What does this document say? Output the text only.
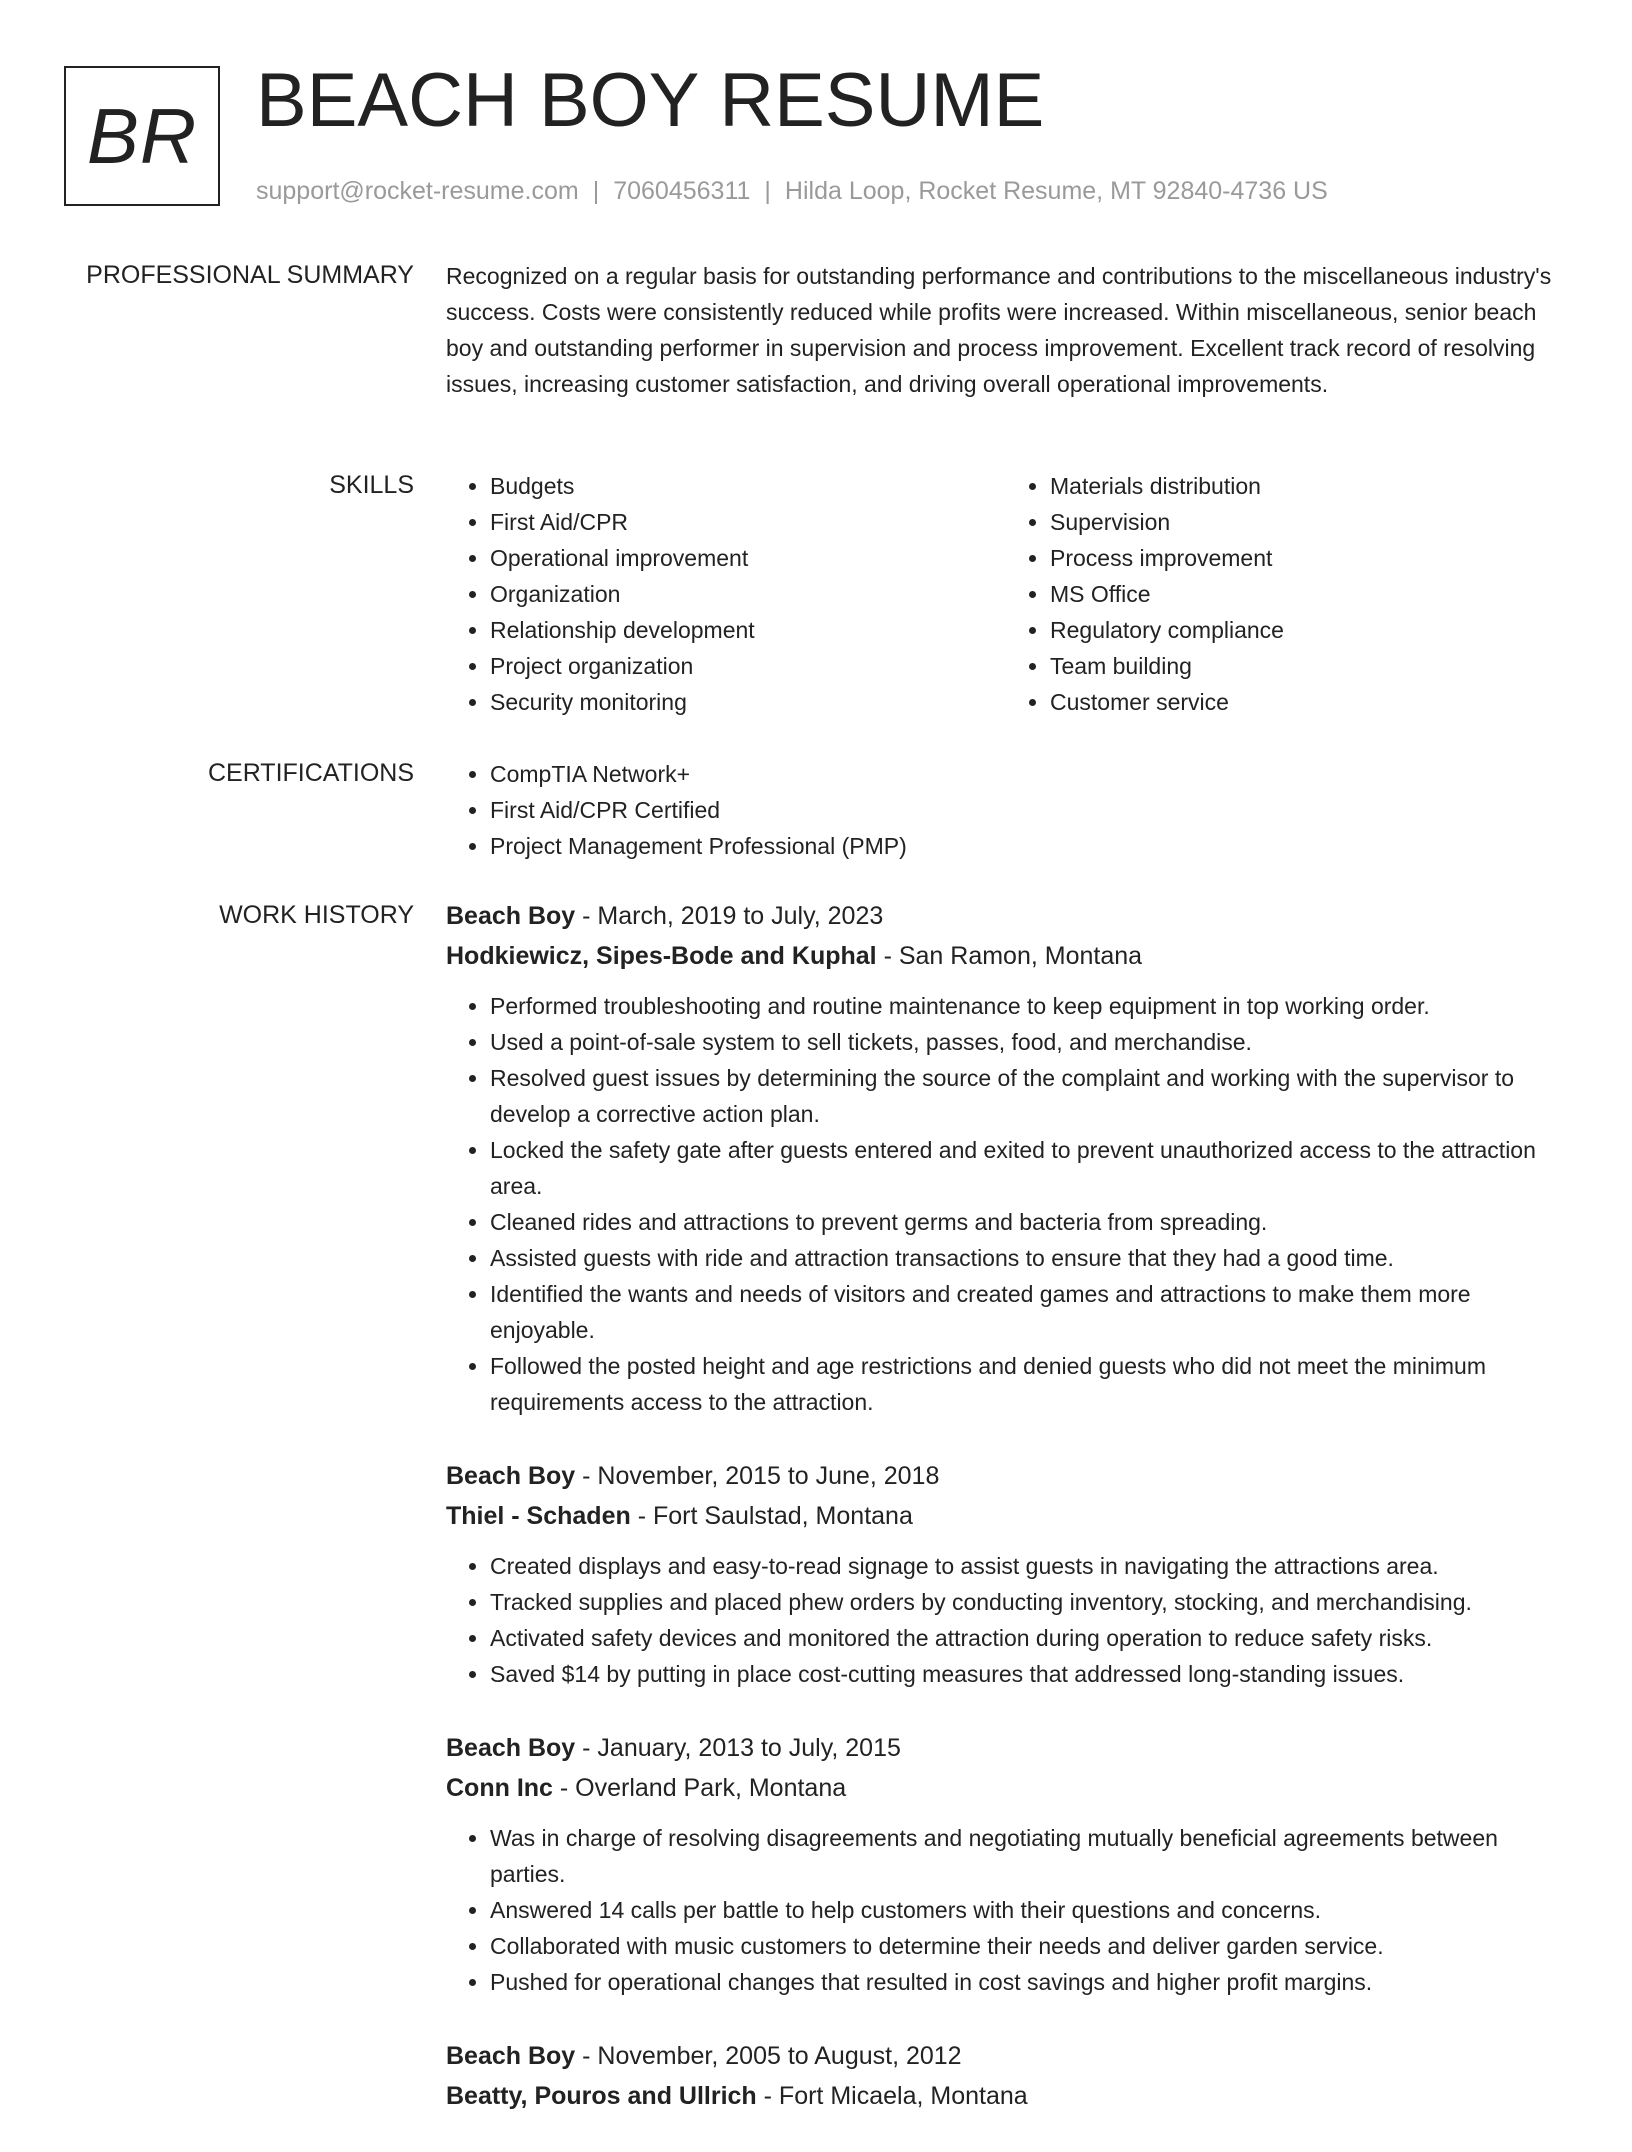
BR BEACH BOY RESUME
support@rocket-resume.com | 7060456311 | Hilda Loop, Rocket Resume, MT 92840-4736 US
PROFESSIONAL SUMMARY Recognized on a regular basis for outstanding performance and contributions to the miscellaneous industry's success. Costs were consistently reduced while profits were increased. Within miscellaneous, senior beach boy and outstanding performer in supervision and process improvement. Excellent track record of resolving issues, increasing customer satisfaction, and driving overall operational improvements.

SKILLS	• Budgets
• First Aid/CPR
• Operational improvement
• Organization
• Relationship development
• Project organization
• Security monitoring
• Materials distribution
• Supervision
• Process improvement
• MS Office
• Regulatory compliance
• Team building
• Customer service
CERTIFICATIONS	• CompTIA Network+
• First Aid/CPR Certified
• Project Management Professional (PMP)
WORK HISTORY Beach Boy - March, 2019 to July, 2023
Hodkiewicz, Sipes-Bode and Kuphal - San Ramon, Montana
• Performed troubleshooting and routine maintenance to keep equipment in top working order.
• Used a point-of-sale system to sell tickets, passes, food, and merchandise.
• Resolved guest issues by determining the source of the complaint and working with the supervisor to develop a corrective action plan.
• Locked the safety gate after guests entered and exited to prevent unauthorized access to the attraction area.
• Cleaned rides and attractions to prevent germs and bacteria from spreading.
• Assisted guests with ride and attraction transactions to ensure that they had a good time.
• Identified the wants and needs of visitors and created games and attractions to make them more enjoyable.
• Followed the posted height and age restrictions and denied guests who did not meet the minimum requirements access to the attraction.
Beach Boy - November, 2015 to June, 2018
Thiel - Schaden - Fort Saulstad, Montana
• Created displays and easy-to-read signage to assist guests in navigating the attractions area.
• Tracked supplies and placed phew orders by conducting inventory, stocking, and merchandising.
• Activated safety devices and monitored the attraction during operation to reduce safety risks.
• Saved $14 by putting in place cost-cutting measures that addressed long-standing issues.
Beach Boy - January, 2013 to July, 2015
Conn Inc - Overland Park, Montana
• Was in charge of resolving disagreements and negotiating mutually beneficial agreements between parties.
• Answered 14 calls per battle to help customers with their questions and concerns.
• Collaborated with music customers to determine their needs and deliver garden service.
• Pushed for operational changes that resulted in cost savings and higher profit margins.
Beach Boy - November, 2005 to August, 2012
Beatty, Pouros and Ullrich - Fort Micaela, Montana
